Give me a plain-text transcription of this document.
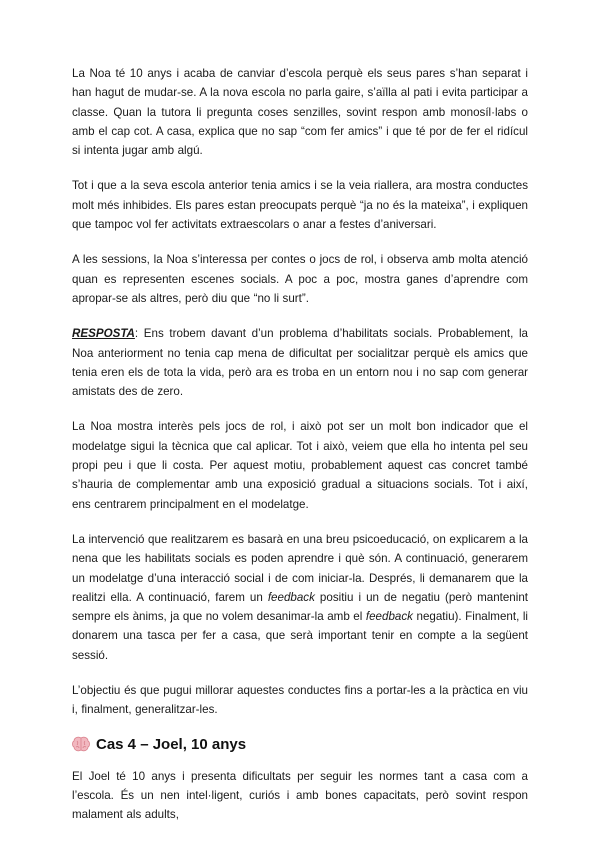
La Noa té 10 anys i acaba de canviar d’escola perquè els seus pares s’han separat i han hagut de mudar-se. A la nova escola no parla gaire, s’aïlla al pati i evita participar a classe. Quan la tutora li pregunta coses senzilles, sovint respon amb monosíl·labs o amb el cap cot. A casa, explica que no sap “com fer amics” i que té por de fer el ridícul si intenta jugar amb algú.

Tot i que a la seva escola anterior tenia amics i se la veia riallera, ara mostra conductes molt més inhibides. Els pares estan preocupats perquè “ja no és la mateixa”, i expliquen que tampoc vol fer activitats extraescolars o anar a festes d’aniversari.

A les sessions, la Noa s’interessa per contes o jocs de rol, i observa amb molta atenció quan es representen escenes socials. A poc a poc, mostra ganes d’aprendre com apropar-se als altres, però diu que “no li surt”.

RESPOSTA: Ens trobem davant d’un problema d’habilitats socials. Probablement, la Noa anteriorment no tenia cap mena de dificultat per socialitzar perquè els amics que tenia eren els de tota la vida, però ara es troba en un entorn nou i no sap com generar amistats des de zero.

La Noa mostra interès pels jocs de rol, i això pot ser un molt bon indicador que el modelatge sigui la tècnica que cal aplicar. Tot i això, veiem que ella ho intenta pel seu propi peu i que li costa. Per aquest motiu, probablement aquest cas concret també s’hauria de complementar amb una exposició gradual a situacions socials. Tot i així, ens centrarem principalment en el modelatge.

La intervenció que realitzarem es basarà en una breu psicoeducació, on explicarem a la nena que les habilitats socials es poden aprendre i què són. A continuació, generarem un modelatge d’una interacció social i de com iniciar-la. Després, li demanarem que la realitzi ella. A continuació, farem un feedback positiu i un de negatiu (però mantenint sempre els ànims, ja que no volem desanimar-la amb el feedback negatiu). Finalment, li donarem una tasca per fer a casa, que serà important tenir en compte a la següent sessió.

L’objectiu és que pugui millorar aquestes conductes fins a portar-les a la pràctica en viu i, finalment, generalitzar-les.

Cas 4 – Joel, 10 anys

El Joel té 10 anys i presenta dificultats per seguir les normes tant a casa com a l’escola. És un nen intel·ligent, curiós i amb bones capacitats, però sovint respon malament als adults,
